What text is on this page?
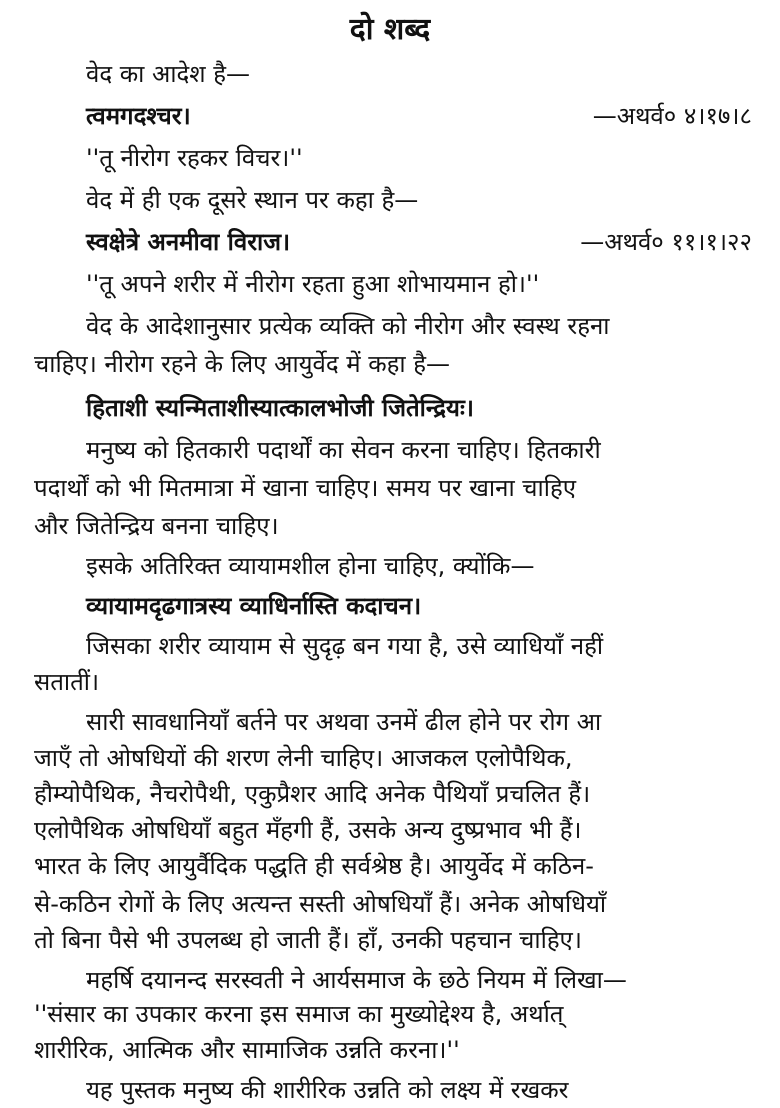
दो शब्द
वेद का आदेश है—
त्वमगदश्चर।	—अथर्व० ४।१७।८
''तू नीरोग रहकर विचर।''
वेद में ही एक दूसरे स्थान पर कहा है—
स्वक्षेत्रे अनमीवा विराज।	—अथर्व० ११।१।२२
''तू अपने शरीर में नीरोग रहता हुआ शोभायमान हो।''
वेद के आदेशानुसार प्रत्येक व्यक्ति को नीरोग और स्वस्थ रहना
चाहिए। नीरोग रहने के लिए आयुर्वेद में कहा है—
हिताशी स्यन्मिताशीस्यात्कालभोजी जितेन्द्रियः।
मनुष्य को हितकारी पदार्थों का सेवन करना चाहिए। हितकारी
पदार्थों को भी मितमात्रा में खाना चाहिए। समय पर खाना चाहिए
और जितेन्द्रिय बनना चाहिए।
इसके अतिरिक्त व्यायामशील होना चाहिए, क्योंकि—
व्यायामदृढगात्रस्य व्याधिर्नास्ति कदाचन।
जिसका शरीर व्यायाम से सुदृढ़ बन गया है, उसे व्याधियाँ नहीं
सतातीं।
सारी सावधानियाँ बर्तने पर अथवा उनमें ढील होने पर रोग आ
जाएँ तो ओषधियों की शरण लेनी चाहिए। आजकल एलोपैथिक,
हौम्योपैथिक, नैचरोपैथी, एकुप्रैशर आदि अनेक पैथियाँ प्रचलित हैं।
एलोपैथिक ओषधियाँ बहुत मँहगी हैं, उसके अन्य दुष्प्रभाव भी हैं।
भारत के लिए आयुर्वैदिक पद्धति ही सर्वश्रेष्ठ है। आयुर्वेद में कठिन-
से-कठिन रोगों के लिए अत्यन्त सस्ती ओषधियाँ हैं। अनेक ओषधियाँ
तो बिना पैसे भी उपलब्ध हो जाती हैं। हाँ, उनकी पहचान चाहिए।
महर्षि दयानन्द सरस्वती ने आर्यसमाज के छठे नियम में लिखा—
''संसार का उपकार करना इस समाज का मुख्योद्देश्य है, अर्थात्
शारीरिक, आत्मिक और सामाजिक उन्नति करना।''
यह पुस्तक मनुष्य की शारीरिक उन्नति को लक्ष्य में रखकर
